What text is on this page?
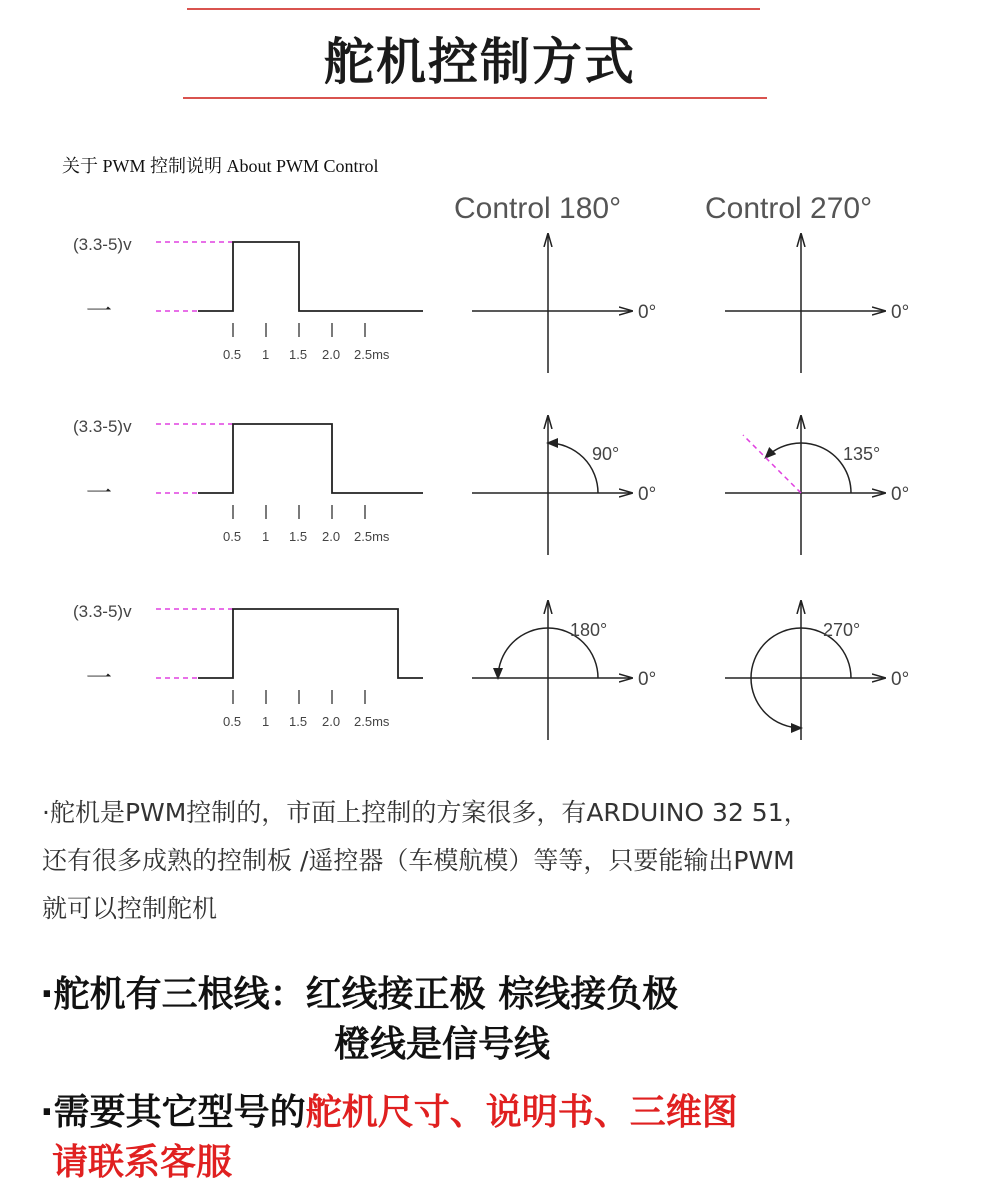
舵机控制方式
关于 PWM 控制说明 About PWM Control
Control 180°	Control 270°
(3.3-5)v
一
0.5 1 1.5 2.0 2.5ms
0°	0°
(3.3-5)v
一
0.5 1 1.5 2.0 2.5ms
0°
90°
0°
135°
(3.3-5)v
一
0.5 1 1.5 2.0 2.5ms
0°
180°
0°
270°
·舵机是PWM控制的，市面上控制的方案很多，有ARDUINO 32 51，
还有很多成熟的控制板 /遥控器（车模航模）等等，只要能输出PWM
就可以控制舵机
·舵机有三根线：红线接正极 棕线接负极
橙线是信号线
·需要其它型号的舵机尺寸、说明书、三维图
请联系客服
